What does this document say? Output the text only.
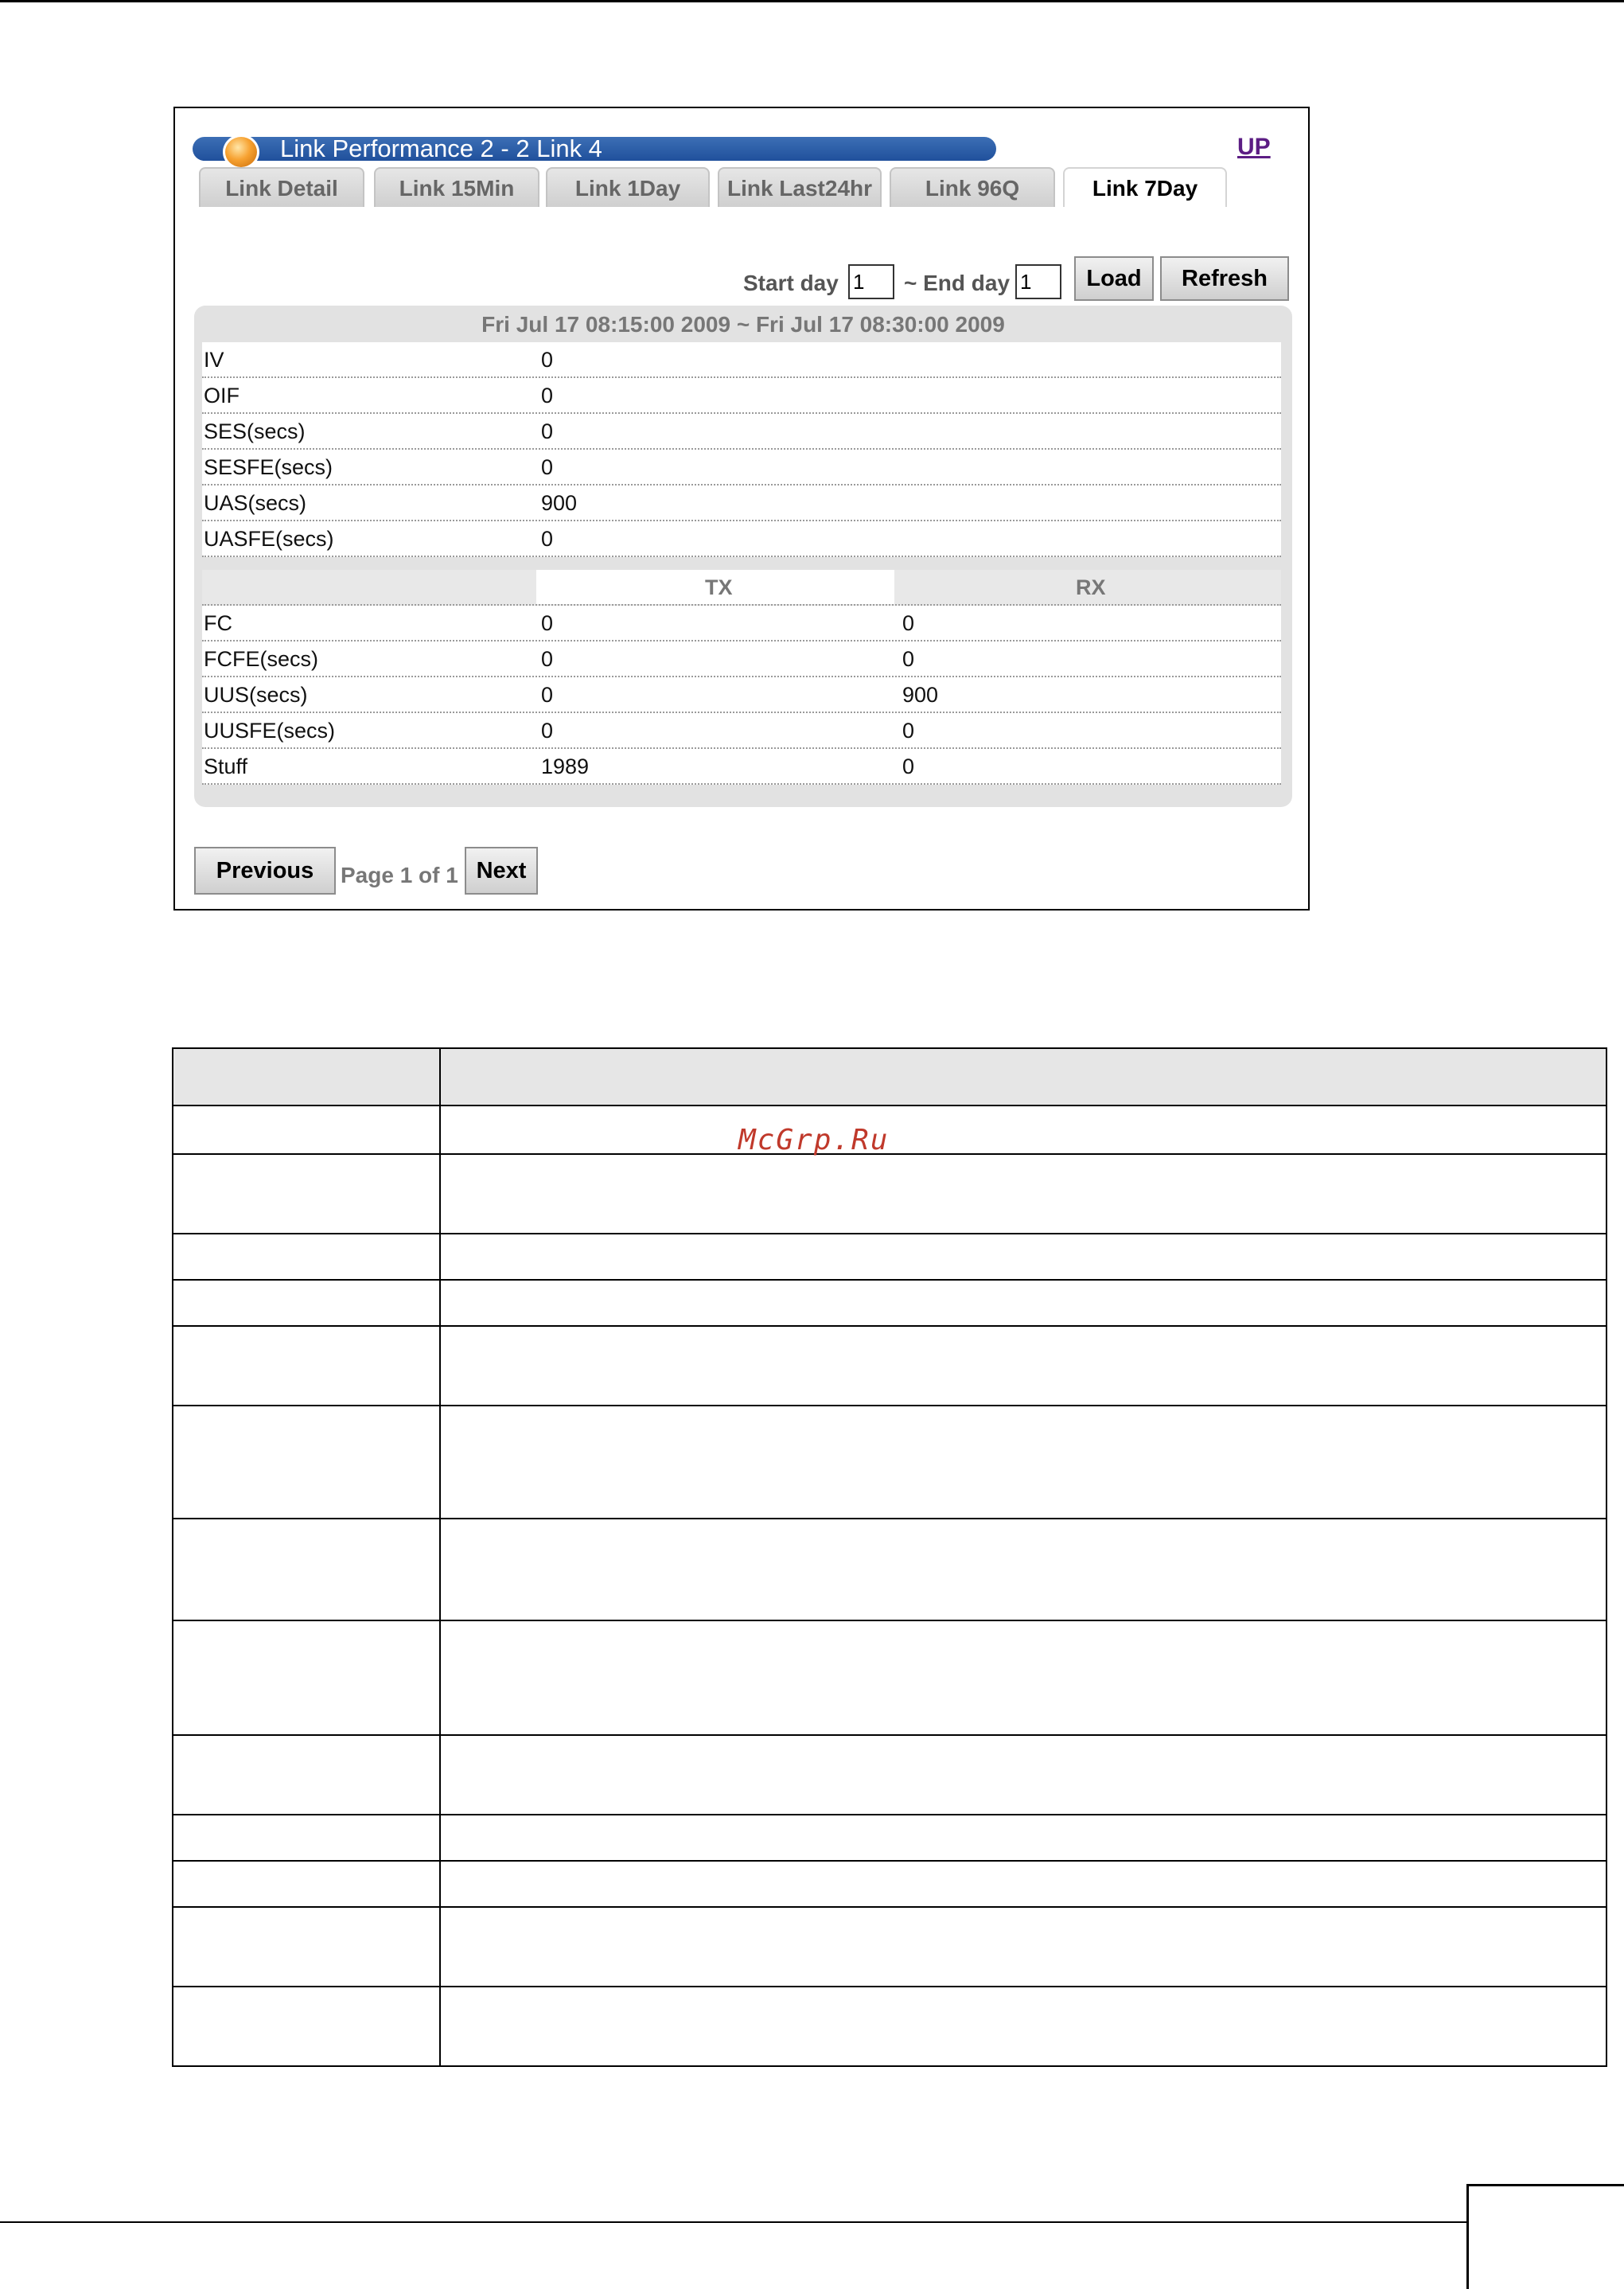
Link Performance 2 - 2 Link 4	UP
Link Detail	Link 15Min	Link 1Day	Link Last24hr	Link 96Q	Link 7Day
Start day
1	~ End day
1	Load	Refresh
Fri Jul 17 08:15:00 2009 ~ Fri Jul 17 08:30:00 2009
IV	0
OIF	0
SES(secs)	0
SESFE(secs)	0
UAS(secs)	900
UASFE(secs)	0
TX	RX
FC	0	0
FCFE(secs)	0	0
UUS(secs)	0	900
UUSFE(secs)	0	0
Stuff	1989	0
Previous	Page 1 of 1 Next

McGrp.Ru
